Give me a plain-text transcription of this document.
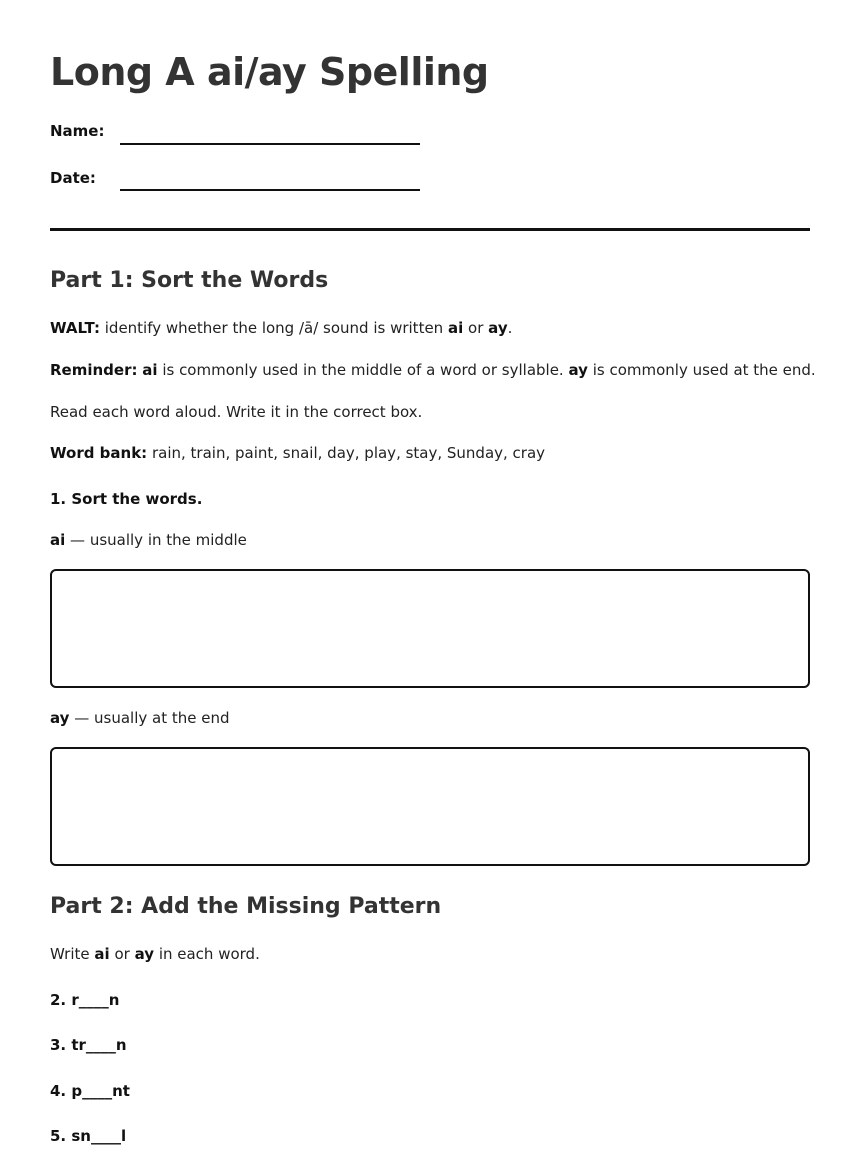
Long A ai/ay Spelling
Name:
Date:
Part 1: Sort the Words
WALT: identify whether the long /ā/ sound is written ai or ay.
Reminder: ai is commonly used in the middle of a word or syllable. ay is commonly used at the end.
Read each word aloud. Write it in the correct box.
Word bank: rain, train, paint, snail, day, play, stay, Sunday, cray
1. Sort the words.
ai — usually in the middle
ay — usually at the end
Part 2: Add the Missing Pattern
Write ai or ay in each word.
2. r____n
3. tr____n
4. p____nt
5. sn____l
